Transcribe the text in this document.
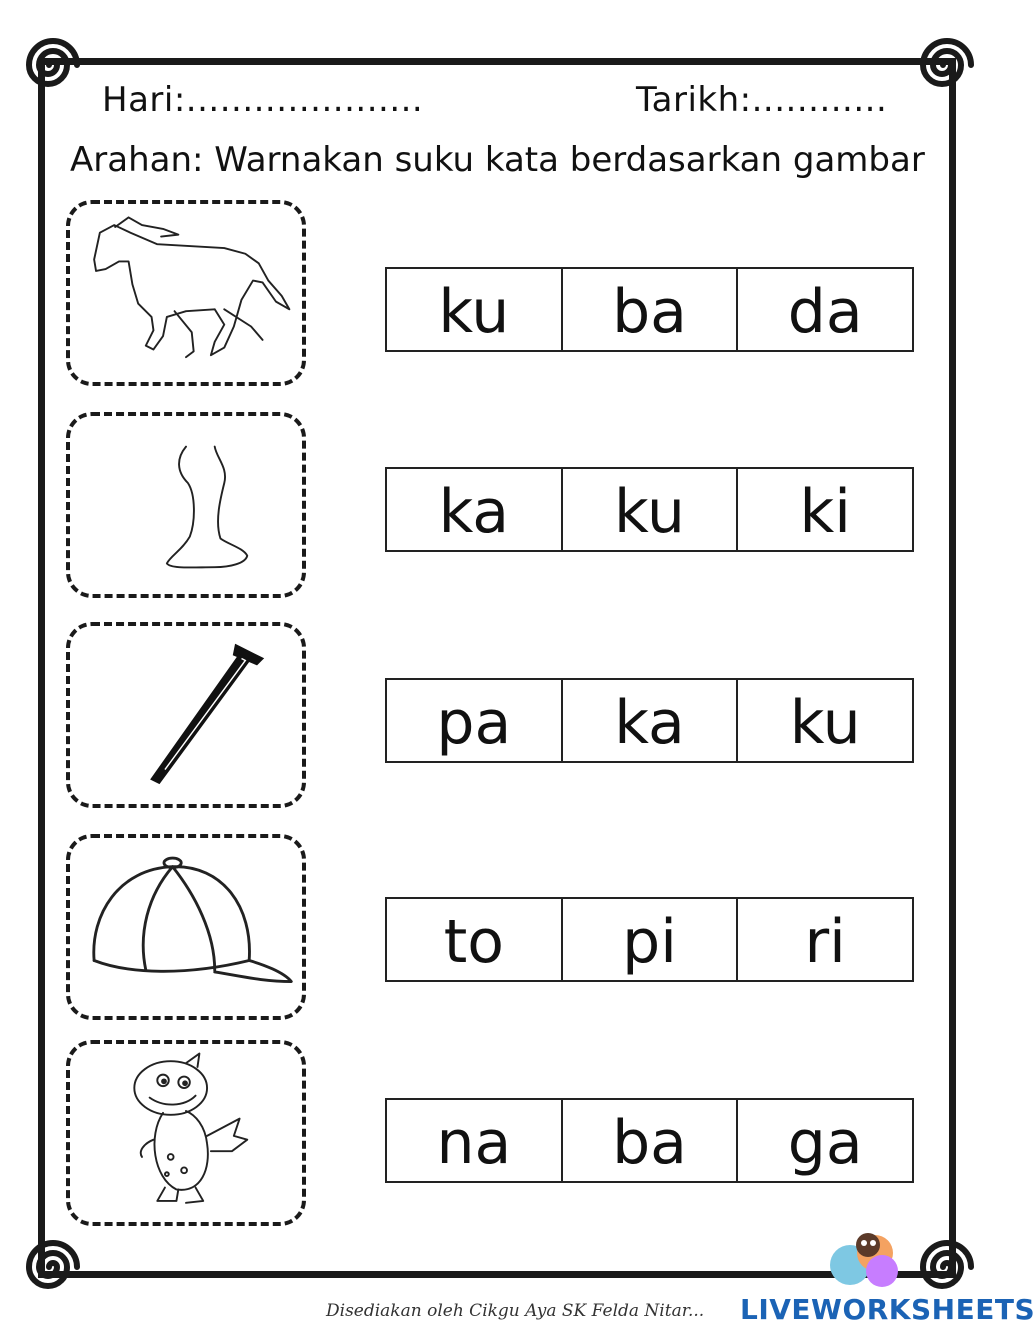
Hari:.....................	Tarikh:............
Arahan: Warnakan suku kata berdasarkan gambar
ku	ba	da
ka	ku	ki
pa	ka	ku
to	pi	ri
na	ba	ga
Disediakan oleh Cikgu Aya SK Felda Nitar... LIVEWORKSHEETS
